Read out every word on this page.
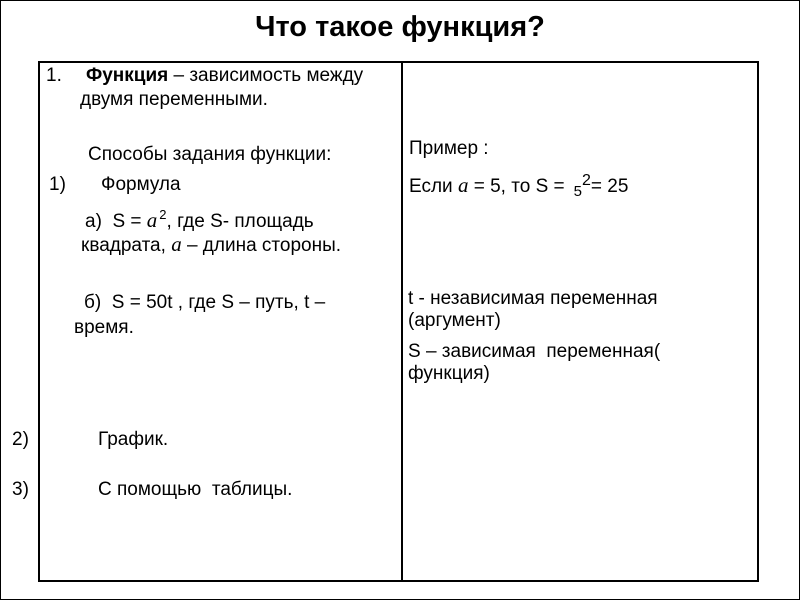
Что такое функция?
1. Функция – зависимость между
двумя переменными.
Способы задания функции:
1) Формула
а)  S = a $^2$, где S- площадь
квадрата, a – длина стороны.
б)  S = 50t , где S – путь, t –
время.
2)	График.
3)	С помощью  таблицы.
Пример :
Если a = 5, то S = $_5^2$= 25
t - независимая переменная
(аргумент)
S – зависимая  переменная(
функция)
